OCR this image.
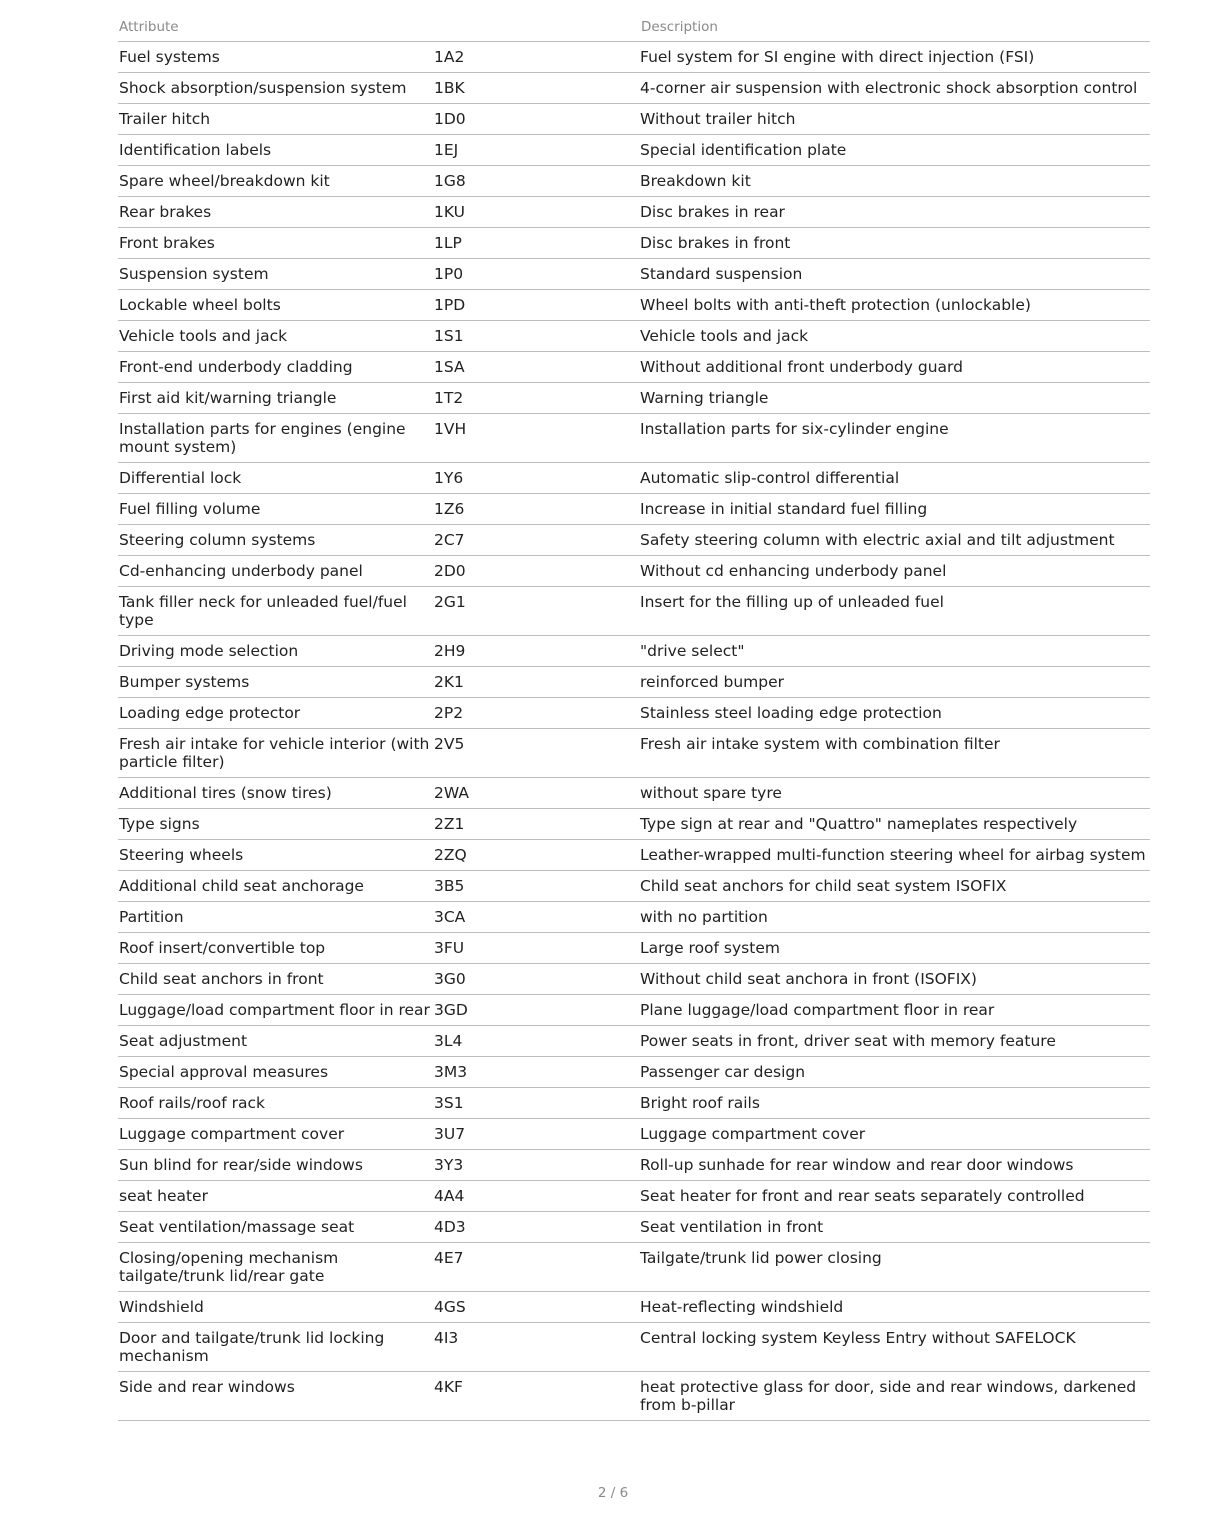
Attribute		Description
Fuel systems	1A2	Fuel system for SI engine with direct injection (FSI)
Shock absorption/suspension system	1BK	4-corner air suspension with electronic shock absorption control
Trailer hitch	1D0	Without trailer hitch
Identification labels	1EJ	Special identification plate
Spare wheel/breakdown kit	1G8	Breakdown kit
Rear brakes	1KU	Disc brakes in rear
Front brakes	1LP	Disc brakes in front
Suspension system	1P0	Standard suspension
Lockable wheel bolts	1PD	Wheel bolts with anti-theft protection (unlockable)
Vehicle tools and jack	1S1	Vehicle tools and jack
Front-end underbody cladding	1SA	Without additional front underbody guard
First aid kit/warning triangle	1T2	Warning triangle
Installation parts for engines (engine mount system)	1VH	Installation parts for six-cylinder engine
Differential lock	1Y6	Automatic slip-control differential
Fuel filling volume	1Z6	Increase in initial standard fuel filling
Steering column systems	2C7	Safety steering column with electric axial and tilt adjustment
Cd-enhancing underbody panel	2D0	Without cd enhancing underbody panel
Tank filler neck for unleaded fuel/fuel type	2G1	Insert for the filling up of unleaded fuel
Driving mode selection	2H9	"drive select"
Bumper systems	2K1	reinforced bumper
Loading edge protector	2P2	Stainless steel loading edge protection
Fresh air intake for vehicle interior (with particle filter)	2V5	Fresh air intake system with combination filter
Additional tires (snow tires)	2WA	without spare tyre
Type signs	2Z1	Type sign at rear and "Quattro" nameplates respectively
Steering wheels	2ZQ	Leather-wrapped multi-function steering wheel for airbag system
Additional child seat anchorage	3B5	Child seat anchors for child seat system ISOFIX
Partition	3CA	with no partition
Roof insert/convertible top	3FU	Large roof system
Child seat anchors in front	3G0	Without child seat anchora in front (ISOFIX)
Luggage/load compartment floor in rear	3GD	Plane luggage/load compartment floor in rear
Seat adjustment	3L4	Power seats in front, driver seat with memory feature
Special approval measures	3M3	Passenger car design
Roof rails/roof rack	3S1	Bright roof rails
Luggage compartment cover	3U7	Luggage compartment cover
Sun blind for rear/side windows	3Y3	Roll-up sunhade for rear window and rear door windows
seat heater	4A4	Seat heater for front and rear seats separately controlled
Seat ventilation/massage seat	4D3	Seat ventilation in front
Closing/opening mechanism tailgate/trunk lid/rear gate	4E7	Tailgate/trunk lid power closing
Windshield	4GS	Heat-reflecting windshield
Door and tailgate/trunk lid locking mechanism	4I3	Central locking system Keyless Entry without SAFELOCK
Side and rear windows	4KF	heat protective glass for door, side and rear windows, darkened from b-pillar
2 / 6
